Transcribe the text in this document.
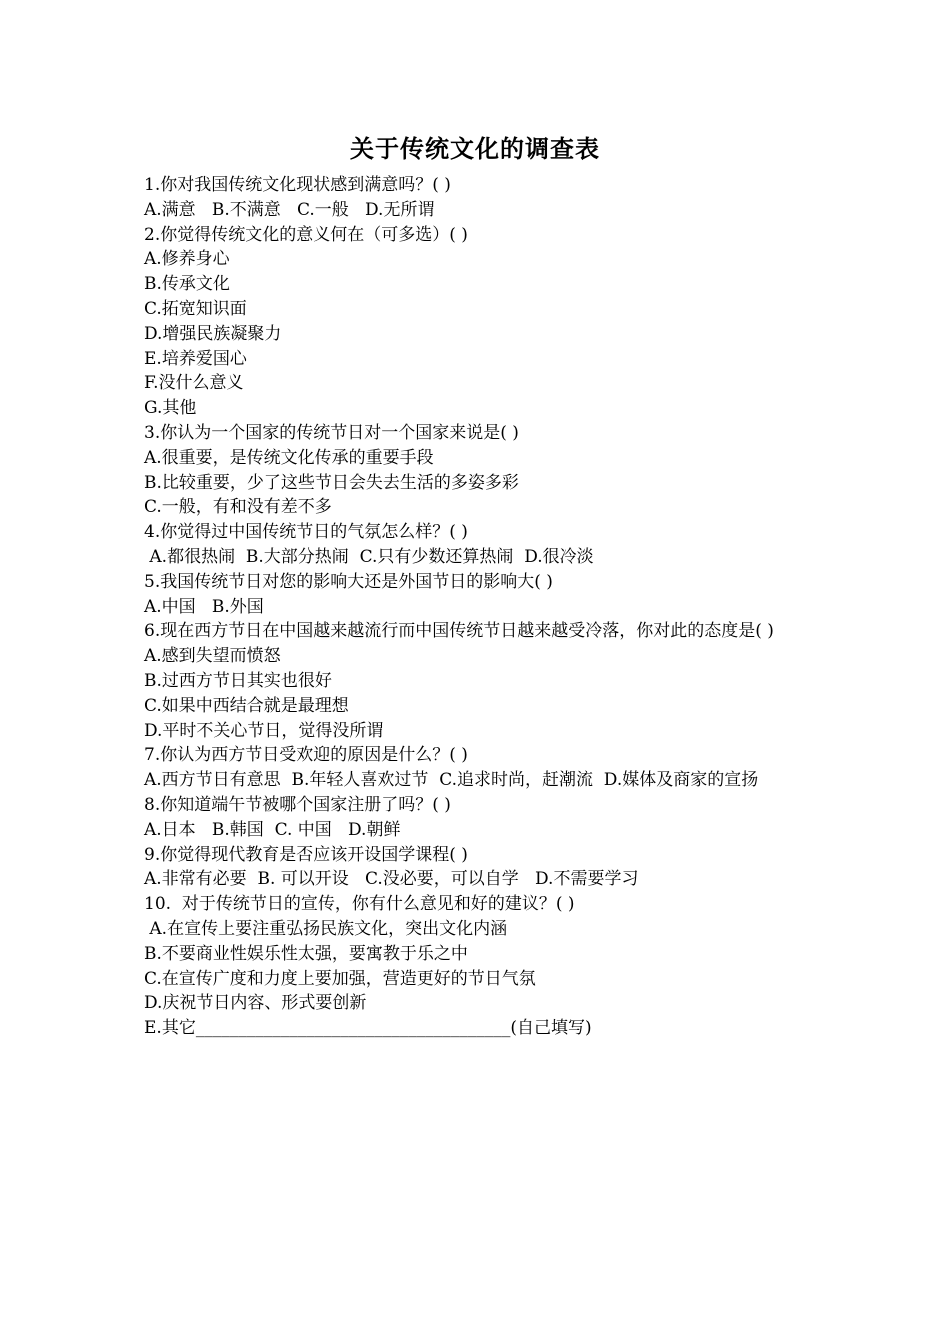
关于传统文化的调查表
1.你对我国传统文化现状感到满意吗？( )
A.满意   B.不满意   C.一般   D.无所谓
2.你觉得传统文化的意义何在（可多选）( )
A.修养身心
B.传承文化
C.拓宽知识面
D.增强民族凝聚力
E.培养爱国心
F.没什么意义
G.其他
3.你认为一个国家的传统节日对一个国家来说是( )
A.很重要，是传统文化传承的重要手段
B.比较重要，少了这些节日会失去生活的多姿多彩
C.一般，有和没有差不多
4.你觉得过中国传统节日的气氛怎么样？( )
A.都很热闹  B.大部分热闹  C.只有少数还算热闹  D.很冷淡
5.我国传统节日对您的影响大还是外国节日的影响大( )
A.中国   B.外国
6.现在西方节日在中国越来越流行而中国传统节日越来越受冷落，你对此的态度是( )
A.感到失望而愤怒
B.过西方节日其实也很好
C.如果中西结合就是最理想
D.平时不关心节日，觉得没所谓
7.你认为西方节日受欢迎的原因是什么？( )
A.西方节日有意思  B.年轻人喜欢过节  C.追求时尚，赶潮流  D.媒体及商家的宣扬
8.你知道端午节被哪个国家注册了吗？( )
A.日本   B.韩国  C. 中国   D.朝鲜
9.你觉得现代教育是否应该开设国学课程( )
A.非常有必要  B. 可以开设   C.没必要，可以自学   D.不需要学习
10.  对于传统节日的宣传，你有什么意见和好的建议？( )
A.在宣传上要注重弘扬民族文化，突出文化内涵
B.不要商业性娱乐性太强，要寓教于乐之中
C.在宣传广度和力度上要加强，营造更好的节日气氛
D.庆祝节日内容、形式要创新
E.其它_____________________________________(自己填写)
